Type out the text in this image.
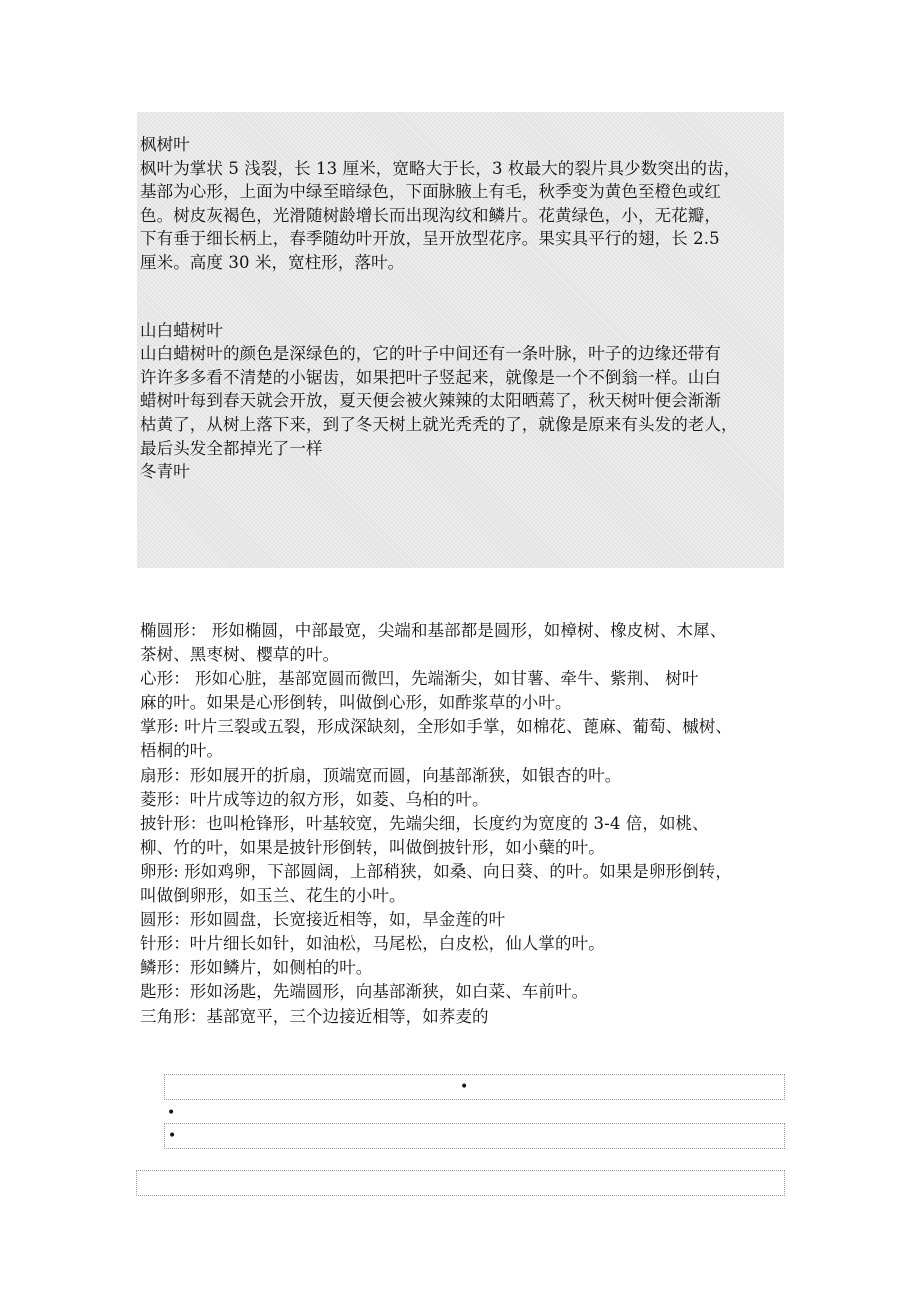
枫树叶
枫叶为掌状 5 浅裂，长 13 厘米，宽略大于长，3 枚最大的裂片具少数突出的齿，
基部为心形，上面为中绿至暗绿色，下面脉腋上有毛，秋季变为黄色至橙色或红
色。树皮灰褐色，光滑随树龄增长而出现沟纹和鳞片。花黄绿色，小，无花瓣，
下有垂于细长柄上，春季随幼叶开放，呈开放型花序。果实具平行的翅，长 2.5
厘米。高度 30 米，宽柱形，落叶。
山白蜡树叶
山白蜡树叶的颜色是深绿色的，它的叶子中间还有一条叶脉，叶子的边缘还带有
许许多多看不清楚的小锯齿，如果把叶子竖起来，就像是一个不倒翁一样。山白
蜡树叶每到春天就会开放，夏天便会被火辣辣的太阳晒蔫了，秋天树叶便会渐渐
枯黄了，从树上落下来，到了冬天树上就光秃秃的了，就像是原来有头发的老人，
最后头发全都掉光了一样
冬青叶
椭圆形： 形如椭圆，中部最宽，尖端和基部都是圆形，如樟树、橡皮树、木犀、
茶树、黑枣树、樱草的叶。
心形： 形如心脏，基部宽圆而微凹，先端渐尖，如甘薯、牵牛、紫荆、 树叶
麻的叶。如果是心形倒转，叫做倒心形，如酢浆草的小叶。
掌形: 叶片三裂或五裂，形成深缺刻，全形如手掌，如棉花、蓖麻、葡萄、槭树、
梧桐的叶。
扇形：形如展开的折扇，顶端宽而圆，向基部渐狭，如银杏的叶。
菱形：叶片成等边的叙方形，如菱、乌桕的叶。
披针形：也叫枪锋形，叶基较宽，先端尖细，长度约为宽度的 3-4 倍，如桃、
柳、竹的叶，如果是披针形倒转，叫做倒披针形，如小蘖的叶。
卵形: 形如鸡卵，下部圆阔，上部稍狭，如桑、向日葵、的叶。如果是卵形倒转，
叫做倒卵形，如玉兰、花生的小叶。
圆形：形如圆盘，长宽接近相等，如，旱金莲的叶
针形：叶片细长如针，如油松，马尾松，白皮松，仙人掌的叶。
鳞形：形如鳞片，如侧柏的叶。
匙形：形如汤匙，先端圆形，向基部渐狭，如白菜、车前叶。
三角形：基部宽平，三个边接近相等，如荞麦的
•
•
•
